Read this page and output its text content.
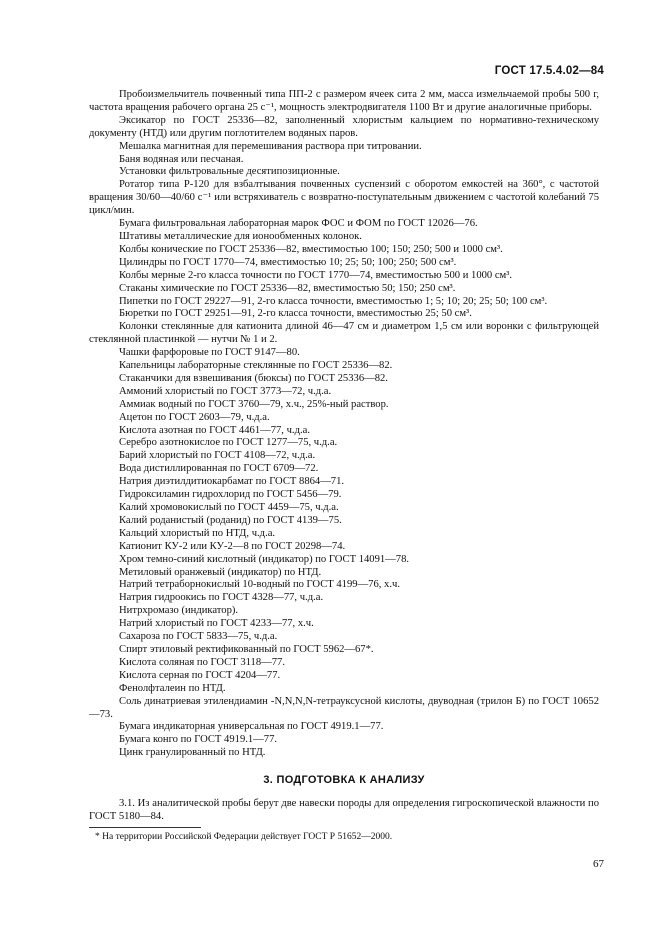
ГОСТ 17.5.4.02—84

Пробоизмельчитель почвенный типа ПП-2 с размером ячеек сита 2 мм, масса измельчаемой пробы 500 г, частота вращения рабочего органа 25 с⁻¹, мощность электродвигателя 1100 Вт и другие аналогичные приборы.

Эксикатор по ГОСТ 25336—82, заполненный хлористым кальцием по нормативно-техническому документу (НТД) или другим поглотителем водяных паров.

Мешалка магнитная для перемешивания раствора при титровании.

Баня водяная или песчаная.

Установки фильтровальные десятипозиционные.

Ротатор типа Р-120 для взбалтывания почвенных суспензий с оборотом емкостей на 360°, с частотой вращения 30/60—40/60 с⁻¹ или встряхиватель с возвратно-поступательным движением с частотой колебаний 75 цикл/мин.

Бумага фильтровальная лабораторная марок ФОС и ФОМ по ГОСТ 12026—76.

Штативы металлические для ионообменных колонок.

Колбы конические по ГОСТ 25336—82, вместимостью 100; 150; 250; 500 и 1000 см³.

Цилиндры по ГОСТ 1770—74, вместимостью 10; 25; 50; 100; 250; 500 см³.

Колбы мерные 2-го класса точности по ГОСТ 1770—74, вместимостью 500 и 1000 см³.

Стаканы химические по ГОСТ 25336—82, вместимостью 50; 150; 250 см³.

Пипетки по ГОСТ 29227—91, 2-го класса точности, вместимостью 1; 5; 10; 20; 25; 50; 100 см³.

Бюретки по ГОСТ 29251—91, 2-го класса точности, вместимостью 25; 50 см³.

Колонки стеклянные для катионита длиной 46—47 см и диаметром 1,5 см или воронки с фильтрующей стеклянной пластинкой — нутчи № 1 и 2.

Чашки фарфоровые по ГОСТ 9147—80.

Капельницы лабораторные стеклянные по ГОСТ 25336—82.

Стаканчики для взвешивания (бюксы) по ГОСТ 25336—82.

Аммоний хлористый по ГОСТ 3773—72, ч.д.а.

Аммиак водный по ГОСТ 3760—79, х.ч., 25%-ный раствор.

Ацетон по ГОСТ 2603—79, ч.д.а.

Кислота азотная по ГОСТ 4461—77, ч.д.а.

Серебро азотнокислое по ГОСТ 1277—75, ч.д.а.

Барий хлористый по ГОСТ 4108—72, ч.д.а.

Вода дистиллированная по ГОСТ 6709—72.

Натрия диэтилдитиокарбамат по ГОСТ 8864—71.

Гидроксиламин гидрохлорид по ГОСТ 5456—79.

Калий хромовокислый по ГОСТ 4459—75, ч.д.а.

Калий роданистый (роданид) по ГОСТ 4139—75.

Кальций хлористый по НТД, ч.д.а.

Катионит КУ-2 или КУ-2—8 по ГОСТ 20298—74.

Хром темно-синий кислотный (индикатор) по ГОСТ 14091—78.

Метиловый оранжевый (индикатор) по НТД.

Натрий тетраборнокислый 10-водный по ГОСТ 4199—76, х.ч.

Натрия гидроокись по ГОСТ 4328—77, ч.д.а.

Нитрхромазо (индикатор).

Натрий хлористый по ГОСТ 4233—77, х.ч.

Сахароза по ГОСТ 5833—75, ч.д.а.

Спирт этиловый ректификованный по ГОСТ 5962—67*.

Кислота соляная по ГОСТ 3118—77.

Кислота серная по ГОСТ 4204—77.

Фенолфталеин по НТД.

Соль динатриевая этилендиамин -N,N,N,N-тетрауксусной кислоты, двуводная (трилон Б) по ГОСТ 10652—73.

Бумага индикаторная универсальная по ГОСТ 4919.1—77.

Бумага конго по ГОСТ 4919.1—77.

Цинк гранулированный по НТД.

3. ПОДГОТОВКА К АНАЛИЗУ

3.1. Из аналитической пробы берут две навески породы для определения гигроскопической влажности по ГОСТ 5180—84.

* На территории Российской Федерации действует ГОСТ Р 51652—2000.

67
